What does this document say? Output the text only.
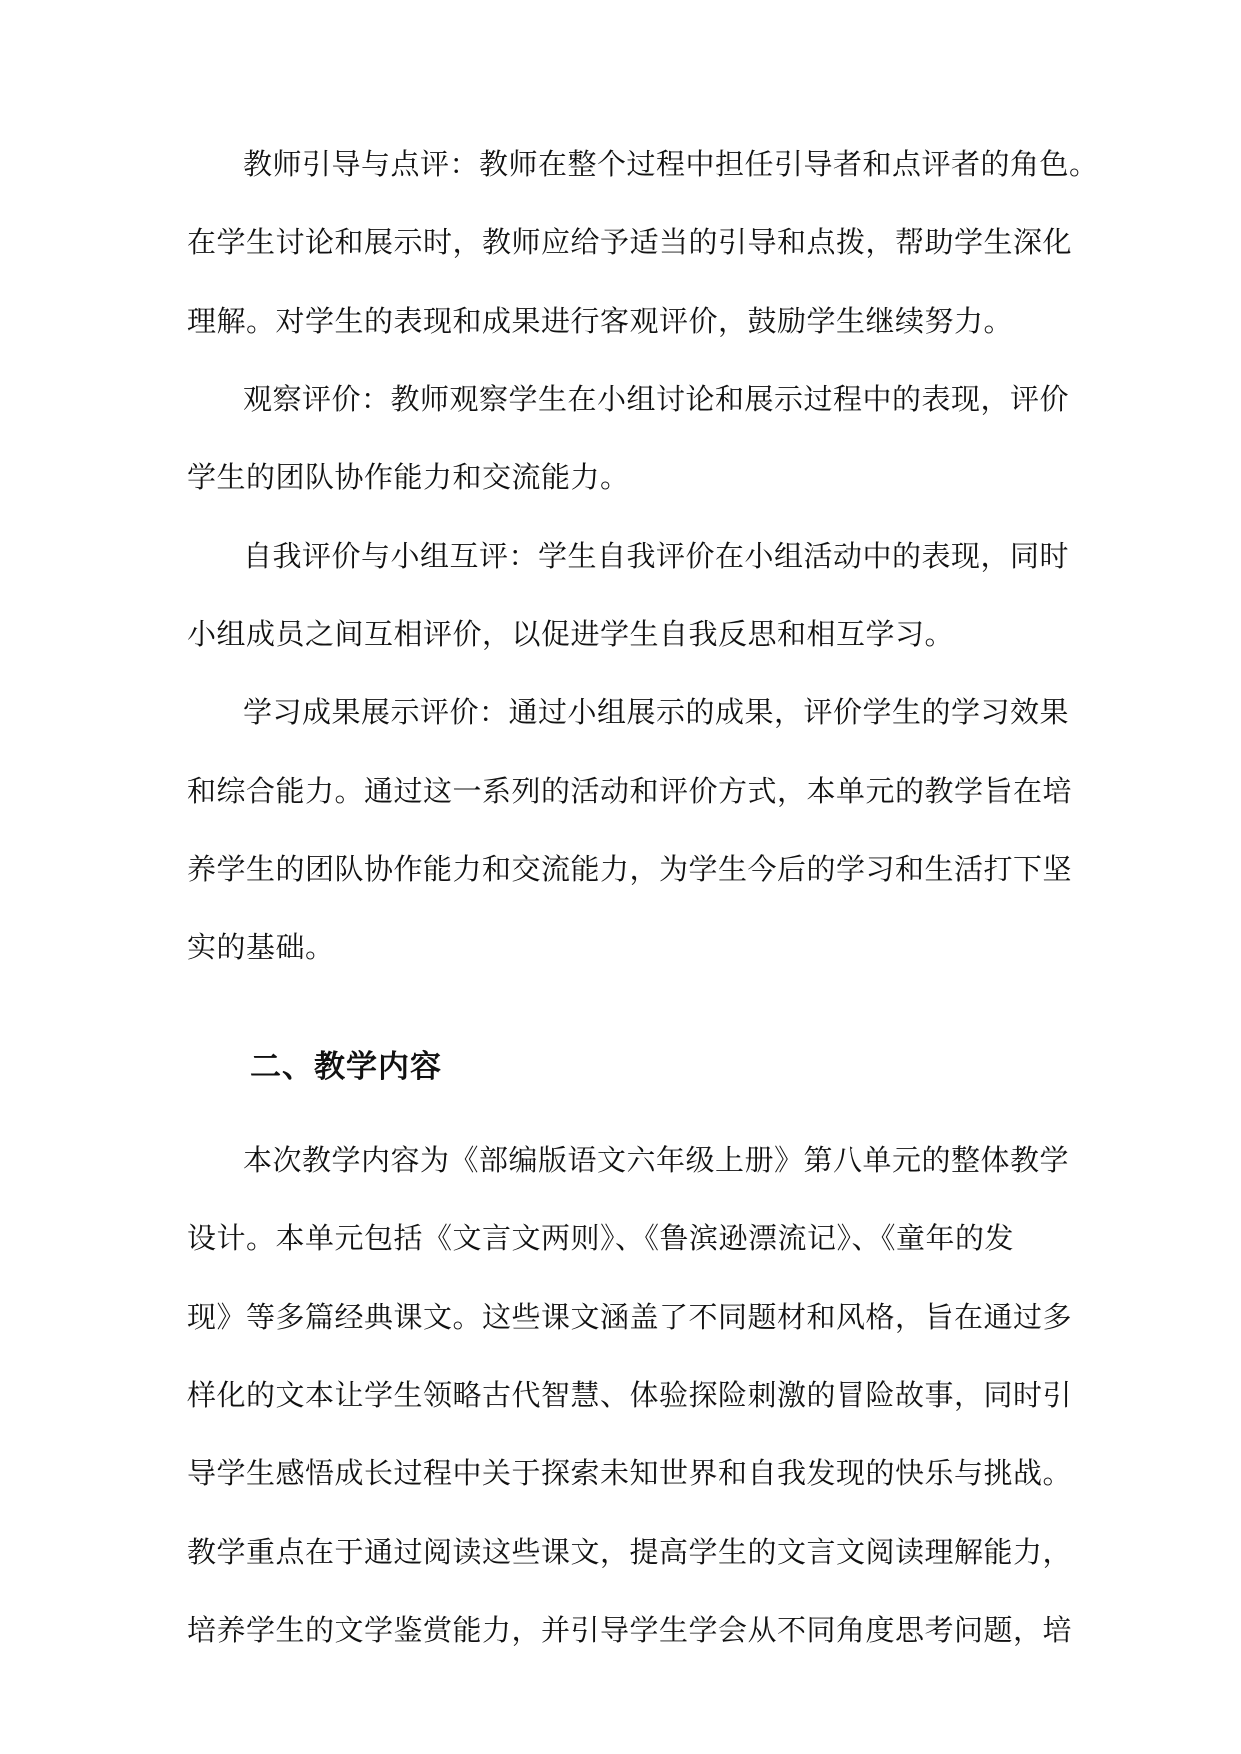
教师引导与点评：教师在整个过程中担任引导者和点评者的角色。
在学生讨论和展示时，教师应给予适当的引导和点拨，帮助学生深化
理解。对学生的表现和成果进行客观评价，鼓励学生继续努力。
观察评价：教师观察学生在小组讨论和展示过程中的表现，评价
学生的团队协作能力和交流能力。
自我评价与小组互评：学生自我评价在小组活动中的表现，同时
小组成员之间互相评价，以促进学生自我反思和相互学习。
学习成果展示评价：通过小组展示的成果，评价学生的学习效果
和综合能力。通过这一系列的活动和评价方式，本单元的教学旨在培
养学生的团队协作能力和交流能力，为学生今后的学习和生活打下坚
实的基础。
二、教学内容
本次教学内容为《部编版语文六年级上册》第八单元的整体教学
设计。本单元包括《文言文两则》、《鲁滨逊漂流记》、《童年的发
现》等多篇经典课文。这些课文涵盖了不同题材和风格，旨在通过多
样化的文本让学生领略古代智慧、体验探险刺激的冒险故事，同时引
导学生感悟成长过程中关于探索未知世界和自我发现的快乐与挑战。
教学重点在于通过阅读这些课文，提高学生的文言文阅读理解能力，
培养学生的文学鉴赏能力，并引导学生学会从不同角度思考问题，培
